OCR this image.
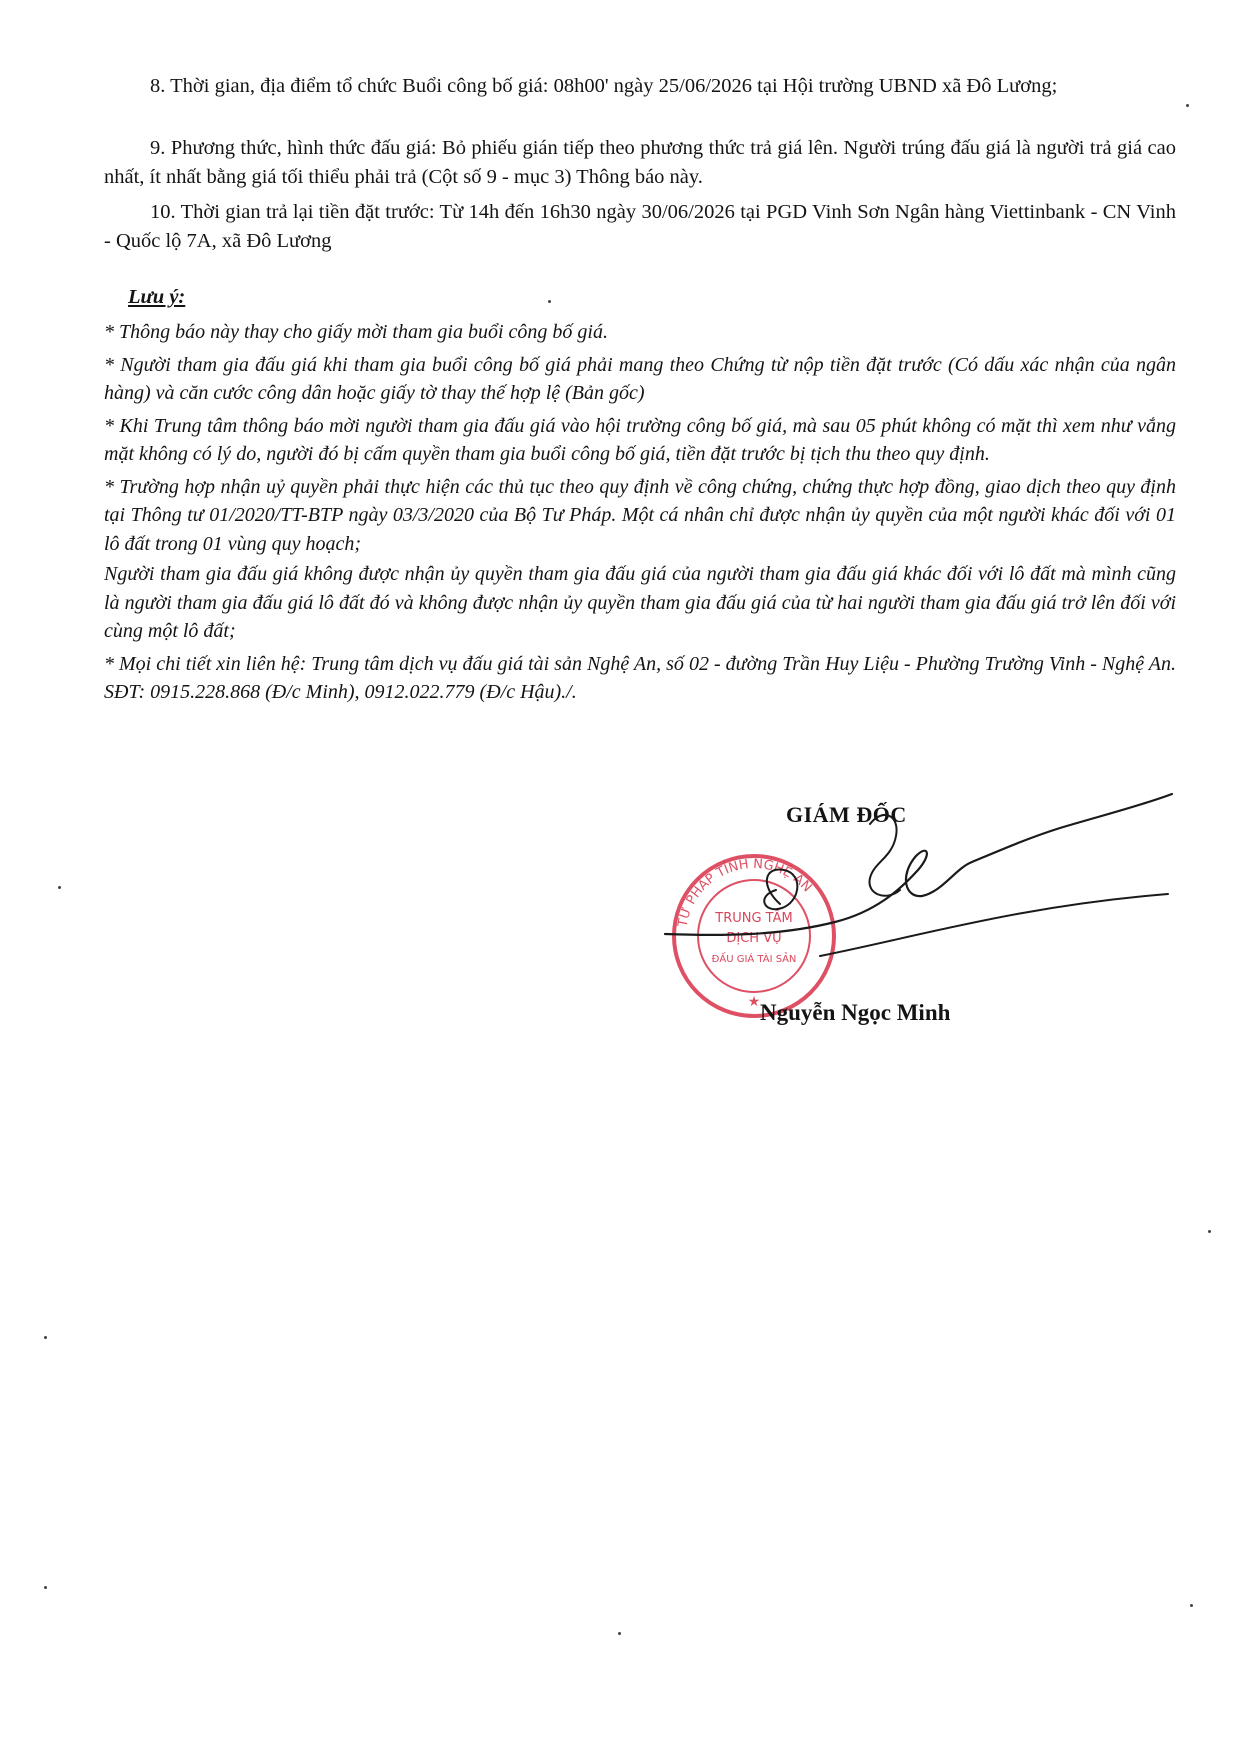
8. Thời gian, địa điểm tổ chức Buổi công bố giá: 08h00' ngày 25/06/2026 tại Hội trường UBND xã Đô Lương;

9. Phương thức, hình thức đấu giá: Bỏ phiếu gián tiếp theo phương thức trả giá lên. Người trúng đấu giá là người trả giá cao nhất, ít nhất bằng giá tối thiểu phải trả (Cột số 9 - mục 3) Thông báo này.

10. Thời gian trả lại tiền đặt trước: Từ 14h đến 16h30 ngày 30/06/2026 tại PGD Vinh Sơn Ngân hàng Viettinbank - CN Vinh - Quốc lộ 7A, xã Đô Lương

Lưu ý:

* Thông báo này thay cho giấy mời tham gia buổi công bố giá.

* Người tham gia đấu giá khi tham gia buổi công bố giá phải mang theo Chứng từ nộp tiền đặt trước (Có dấu xác nhận của ngân hàng) và căn cước công dân hoặc giấy tờ thay thế hợp lệ (Bản gốc)

* Khi Trung tâm thông báo mời người tham gia đấu giá vào hội trường công bố giá, mà sau 05 phút không có mặt thì xem như vắng mặt không có lý do, người đó bị cấm quyền tham gia buổi công bố giá, tiền đặt trước bị tịch thu theo quy định.

* Trường hợp nhận uỷ quyền phải thực hiện các thủ tục theo quy định về công chứng, chứng thực hợp đồng, giao dịch theo quy định tại Thông tư 01/2020/TT-BTP ngày 03/3/2020 của Bộ Tư Pháp. Một cá nhân chỉ được nhận ủy quyền của một người khác đối với 01 lô đất trong 01 vùng quy hoạch;

Người tham gia đấu giá không được nhận ủy quyền tham gia đấu giá của người tham gia đấu giá khác đối với lô đất mà mình cũng là người tham gia đấu giá lô đất đó và không được nhận ủy quyền tham gia đấu giá của từ hai người tham gia đấu giá trở lên đối với cùng một lô đất;

* Mọi chi tiết xin liên hệ: Trung tâm dịch vụ đấu giá tài sản Nghệ An, số 02 - đường Trần Huy Liệu - Phường Trường Vinh - Nghệ An. SĐT: 0915.228.868 (Đ/c Minh), 0912.022.779 (Đ/c Hậu)./.

TƯ PHÁP TỈNH NGHỆ AN
TRUNG TÂM
DỊCH VỤ
ĐẤU GIÁ TÀI SẢN
★

GIÁM ĐỐC

Nguyễn Ngọc Minh
